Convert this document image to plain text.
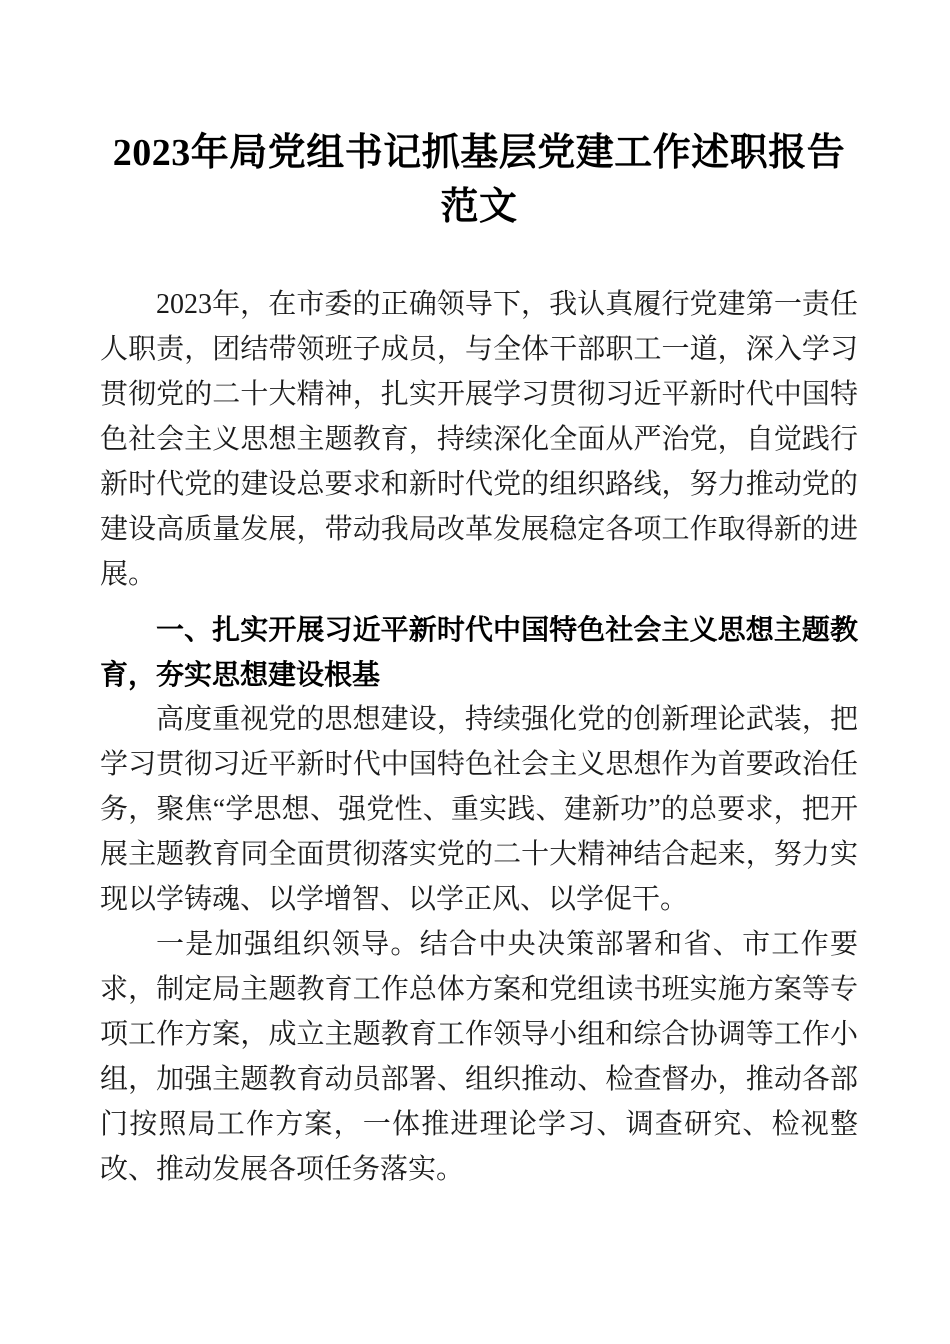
2023年局党组书记抓基层党建工作述职报告范文

2023年，在市委的正确领导下，我认真履行党建第一责任人职责，团结带领班子成员，与全体干部职工一道，深入学习贯彻党的二十大精神，扎实开展学习贯彻习近平新时代中国特色社会主义思想主题教育，持续深化全面从严治党，自觉践行新时代党的建设总要求和新时代党的组织路线，努力推动党的建设高质量发展，带动我局改革发展稳定各项工作取得新的进展。

一、扎实开展习近平新时代中国特色社会主义思想主题教育，夯实思想建设根基

高度重视党的思想建设，持续强化党的创新理论武装，把学习贯彻习近平新时代中国特色社会主义思想作为首要政治任务，聚焦“学思想、强党性、重实践、建新功”的总要求，把开展主题教育同全面贯彻落实党的二十大精神结合起来，努力实现以学铸魂、以学增智、以学正风、以学促干。

一是加强组织领导。结合中央决策部署和省、市工作要求，制定局主题教育工作总体方案和党组读书班实施方案等专项工作方案，成立主题教育工作领导小组和综合协调等工作小组，加强主题教育动员部署、组织推动、检查督办，推动各部门按照局工作方案，一体推进理论学习、调查研究、检视整改、推动发展各项任务落实。
